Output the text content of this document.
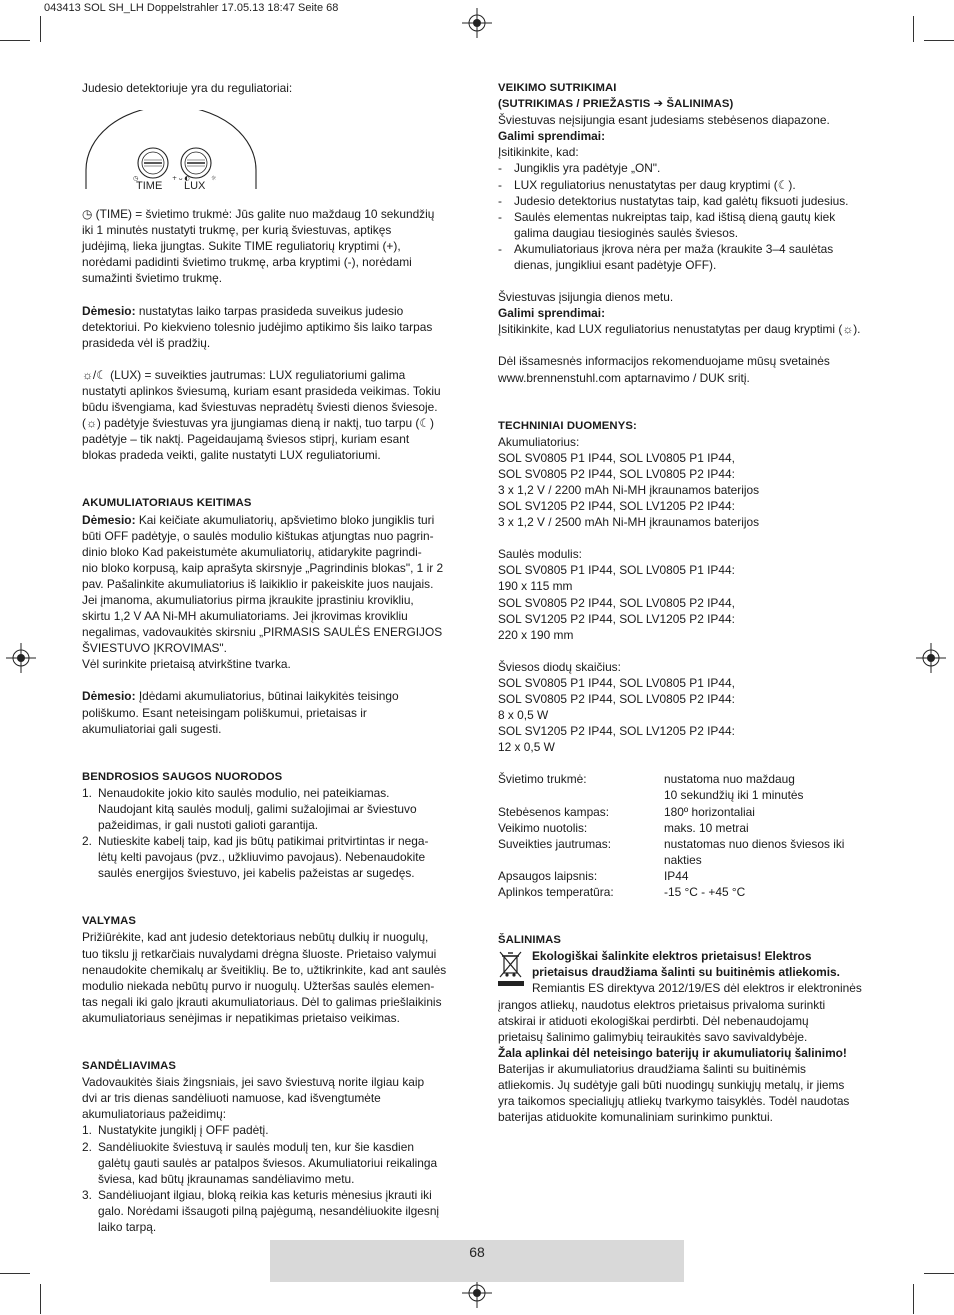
043413 SOL SH_LH Doppelstrahler 17.05.13 18:47 Seite 68

Judesio detektoriuje yra du reguliatoriai:

◷	+ ᴗ ◐	☼
TIME LUX

◷ (TIME) = švietimo trukmė: Jūs galite nuo maždaug 10 sekundžių

iki 1 minutės nustatyti trukmę, per kurią šviestuvas, aptikęs

judėjimą, lieka įjungtas. Sukite TIME reguliatorių kryptimi (+),

norėdami padidinti švietimo trukmę, arba kryptimi (-), norėdami

sumažinti švietimo trukmę.

Dėmesio: nustatytas laiko tarpas prasideda suveikus judesio

detektoriui. Po kiekvieno tolesnio judėjimo aptikimo šis laiko tarpas

prasideda vėl iš pradžių.

☼/☾ (LUX) = suveikties jautrumas: LUX reguliatoriumi galima

nustatyti aplinkos šviesumą, kuriam esant prasideda veikimas. Tokiu

būdu išvengiama, kad šviestuvas nepradėtų šviesti dienos šviesoje.

(☼) padėtyje šviestuvas yra įjungiamas dieną ir naktį, tuo tarpu (☾)

padėtyje – tik naktį. Pageidaujamą šviesos stiprį, kuriam esant

blokas pradeda veikti, galite nustatyti LUX reguliatoriumi.

AKUMULIATORIAUS KEITIMAS

Dėmesio: Kai keičiate akumuliatorių, apšvietimo bloko jungiklis turi

būti OFF padėtyje, o saulės modulio kištukas atjungtas nuo pagrin-

dinio bloko Kad pakeistumėte akumuliatorių, atidarykite pagrindi-

nio bloko korpusą, kaip aprašyta skirsnyje „Pagrindinis blokas", 1 ir 2

pav. Pašalinkite akumuliatorius iš laikiklio ir pakeiskite juos naujais.

Jei įmanoma, akumuliatorius pirma įkraukite įprastiniu krovikliu,

skirtu 1,2 V AA Ni-MH akumuliatoriams. Jei įkrovimas krovikliu

negalimas, vadovaukitės skirsniu „PIRMASIS SAULĖS ENERGIJOS

ŠVIESTUVO ĮKROVIMAS".

Vėl surinkite prietaisą atvirkštine tvarka.

Dėmesio: Įdėdami akumuliatorius, būtinai laikykitės teisingo

poliškumo. Esant neteisingam poliškumui, prietaisas ir

akumuliatoriai gali sugesti.

BENDROSIOS SAUGOS NUORODOS

1. Nenaudokite jokio kito saulės modulio, nei pateikiamas.

Naudojant kitą saulės modulį, galimi sužalojimai ar šviestuvo

pažeidimas, ir gali nustoti galioti garantija.

2. Nutieskite kabelį taip, kad jis būtų patikimai pritvirtintas ir nega-

lėtų kelti pavojaus (pvz., užkliuvimo pavojaus). Nebenaudokite

saulės energijos šviestuvo, jei kabelis pažeistas ar sugedęs.

VALYMAS

Prižiūrėkite, kad ant judesio detektoriaus nebūtų dulkių ir nuogulų,

tuo tikslu jį retkarčiais nuvalydami drėgna šluoste. Prietaiso valymui

nenaudokite chemikalų ar šveitiklių. Be to, užtikrinkite, kad ant saulės

modulio niekada nebūtų purvo ir nuogulų. Užteršas saulės elemen-

tas negali iki galo įkrauti akumuliatoriaus. Dėl to galimas priešlaikinis

akumuliatoriaus senėjimas ir nepatikimas prietaiso veikimas.

SANDĖLIAVIMAS

Vadovaukitės šiais žingsniais, jei savo šviestuvą norite ilgiau kaip

dvi ar tris dienas sandėliuoti namuose, kad išvengtumėte

akumuliatoriaus pažeidimų:

1. Nustatykite jungiklį į OFF padėtį.

2. Sandėliuokite šviestuvą ir saulės modulį ten, kur šie kasdien

galėtų gauti saulės ar patalpos šviesos. Akumuliatoriui reikalinga

šviesa, kad būtų įkraunamas sandėliavimo metu.

3. Sandėliuojant ilgiau, bloką reikia kas keturis mėnesius įkrauti iki

galo. Norėdami išsaugoti pilną pajėgumą, nesandėliuokite ilgesnį

laiko tarpą.

VEIKIMO SUTRIKIMAI

(SUTRIKIMAS / PRIEŽASTIS ➔ ŠALINIMAS)

Šviestuvas neįsijungia esant judesiams stebėsenos diapazone.

Galimi sprendimai:

Įsitikinkite, kad:

- Jungiklis yra padėtyje „ON".

- LUX reguliatorius nenustatytas per daug kryptimi (☾).

- Judesio detektorius nustatytas taip, kad galėtų fiksuoti judesius.

- Saulės elementas nukreiptas taip, kad ištisą dieną gautų kiek

galima daugiau tiesioginės saulės šviesos.

- Akumuliatoriaus įkrova nėra per maža (kraukite 3–4 saulėtas

dienas, jungikliui esant padėtyje OFF).

Šviestuvas įsijungia dienos metu.

Galimi sprendimai:

Įsitikinkite, kad LUX reguliatorius nenustatytas per daug kryptimi (☼).

Dėl išsamesnės informacijos rekomenduojame mūsų svetainės

www.brennenstuhl.com aptarnavimo / DUK sritį.

TECHNINIAI DUOMENYS:

Akumuliatorius:

SOL SV0805 P1 IP44, SOL LV0805 P1 IP44,

SOL SV0805 P2 IP44, SOL LV0805 P2 IP44:

3 x 1,2 V / 2200 mAh Ni-MH įkraunamos baterijos

SOL SV1205 P2 IP44, SOL LV1205 P2 IP44:

3 x 1,2 V / 2500 mAh Ni-MH įkraunamos baterijos

Saulės modulis:

SOL SV0805 P1 IP44, SOL LV0805 P1 IP44:

190 x 115 mm

SOL SV0805 P2 IP44, SOL LV0805 P2 IP44,

SOL SV1205 P2 IP44, SOL LV1205 P2 IP44:

220 x 190 mm

Šviesos diodų skaičius:

SOL SV0805 P1 IP44, SOL LV0805 P1 IP44,

SOL SV0805 P2 IP44, SOL LV0805 P2 IP44:

8 x 0,5 W

SOL SV1205 P2 IP44, SOL LV1205 P2 IP44:

12 x 0,5 W

Švietimo trukmė:	nustatoma nuo maždaug

10 sekundžių iki 1 minutės

Stebėsenos kampas:	180º horizontaliai

Veikimo nuotolis:	maks. 10 metrai

Suveikties jautrumas:	nustatomas nuo dienos šviesos iki

nakties

Apsaugos laipsnis:	IP44

Aplinkos temperatūra:	-15 °C - +45 °C

ŠALINIMAS

Ekologiškai šalinkite elektros prietaisus! Elektros

prietaisus draudžiama šalinti su buitinėmis atliekomis.

Remiantis ES direktyva 2012/19/ES dėl elektros ir elektroninės

įrangos atliekų, naudotus elektros prietaisus privaloma surinkti

atskirai ir atiduoti ekologiškai perdirbti. Dėl nebenaudojamų

prietaisų šalinimo galimybių teiraukitės savo savivaldybėje.

Žala aplinkai dėl neteisingo baterijų ir akumuliatorių šalinimo!

Baterijas ir akumuliatorius draudžiama šalinti su buitinėmis

atliekomis. Jų sudėtyje gali būti nuodingų sunkiųjų metalų, ir jiems

yra taikomos specialiųjų atliekų tvarkymo taisyklės. Todėl naudotas

baterijas atiduokite komunaliniam surinkimo punktui.

68
